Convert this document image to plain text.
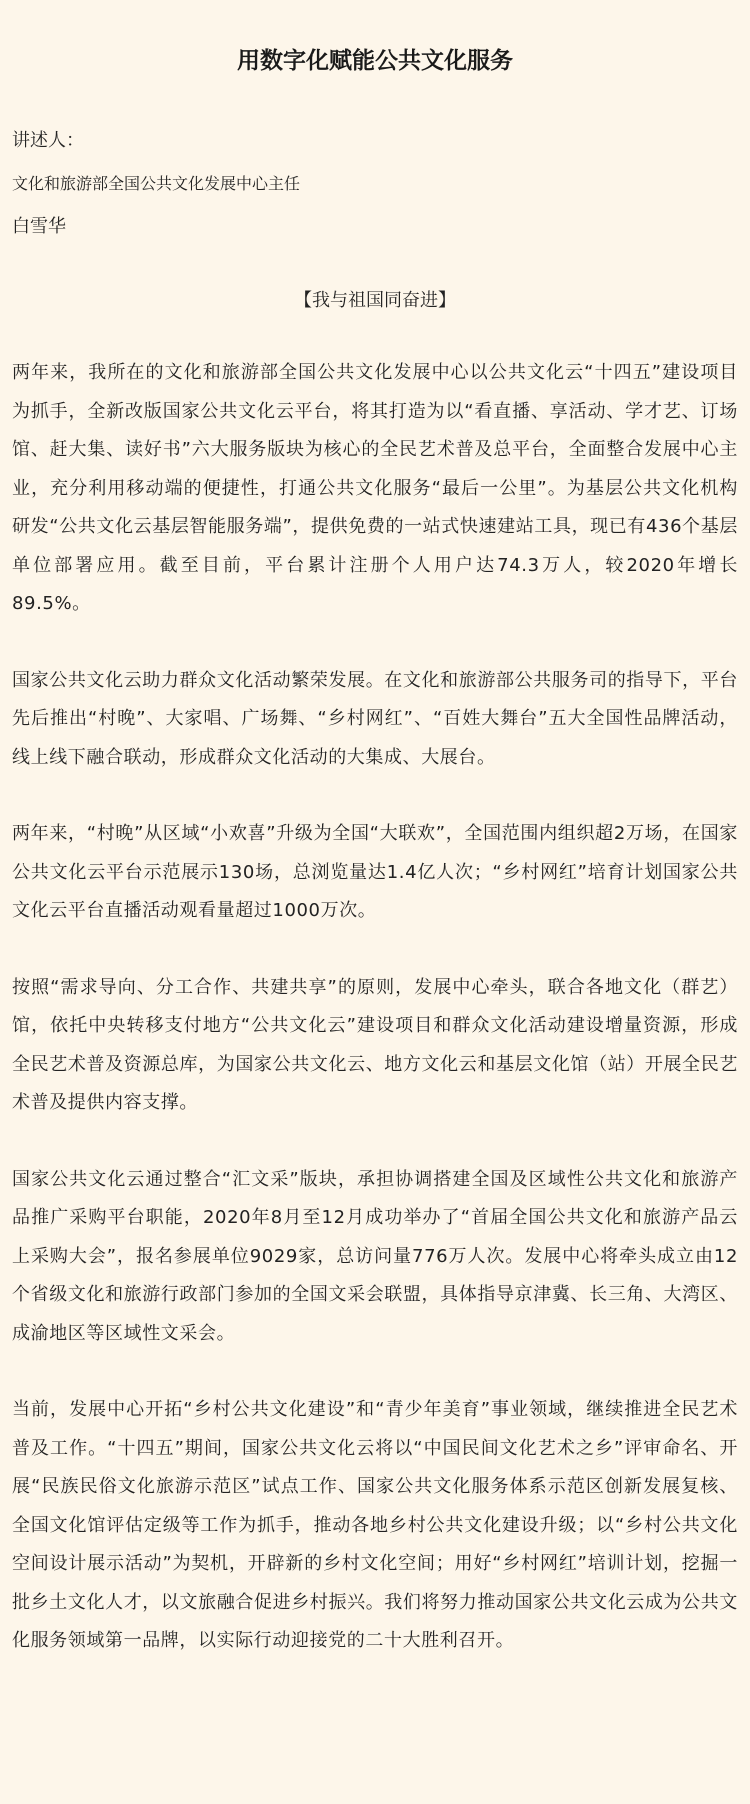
用数字化赋能公共文化服务

讲述人：

文化和旅游部全国公共文化发展中心主任

白雪华

【我与祖国同奋进】

两年来，我所在的文化和旅游部全国公共文化发展中心以公共文化云“十四五”建设项目为抓手，全新改版国家公共文化云平台，将其打造为以“看直播、享活动、学才艺、订场馆、赶大集、读好书”六大服务版块为核心的全民艺术普及总平台，全面整合发展中心主业，充分利用移动端的便捷性，打通公共文化服务“最后一公里”。为基层公共文化机构研发“公共文化云基层智能服务端”，提供免费的一站式快速建站工具，现已有436个基层单位部署应用。截至目前，平台累计注册个人用户达74.3万人，较2020年增长89.5%。

国家公共文化云助力群众文化活动繁荣发展。在文化和旅游部公共服务司的指导下，平台先后推出“村晚”、大家唱、广场舞、“乡村网红”、“百姓大舞台”五大全国性品牌活动，线上线下融合联动，形成群众文化活动的大集成、大展台。

两年来，“村晚”从区域“小欢喜”升级为全国“大联欢”，全国范围内组织超2万场，在国家公共文化云平台示范展示130场，总浏览量达1.4亿人次；“乡村网红”培育计划国家公共文化云平台直播活动观看量超过1000万次。

按照“需求导向、分工合作、共建共享”的原则，发展中心牵头，联合各地文化（群艺）馆，依托中央转移支付地方“公共文化云”建设项目和群众文化活动建设增量资源，形成全民艺术普及资源总库，为国家公共文化云、地方文化云和基层文化馆（站）开展全民艺术普及提供内容支撑。

国家公共文化云通过整合“汇文采”版块，承担协调搭建全国及区域性公共文化和旅游产品推广采购平台职能，2020年8月至12月成功举办了“首届全国公共文化和旅游产品云上采购大会”，报名参展单位9029家，总访问量776万人次。发展中心将牵头成立由12个省级文化和旅游行政部门参加的全国文采会联盟，具体指导京津冀、长三角、大湾区、成渝地区等区域性文采会。

当前，发展中心开拓“乡村公共文化建设”和“青少年美育”事业领域，继续推进全民艺术普及工作。“十四五”期间，国家公共文化云将以“中国民间文化艺术之乡”评审命名、开展“民族民俗文化旅游示范区”试点工作、国家公共文化服务体系示范区创新发展复核、全国文化馆评估定级等工作为抓手，推动各地乡村公共文化建设升级；以“乡村公共文化空间设计展示活动”为契机，开辟新的乡村文化空间；用好“乡村网红”培训计划，挖掘一批乡土文化人才，以文旅融合促进乡村振兴。我们将努力推动国家公共文化云成为公共文化服务领域第一品牌，以实际行动迎接党的二十大胜利召开。
